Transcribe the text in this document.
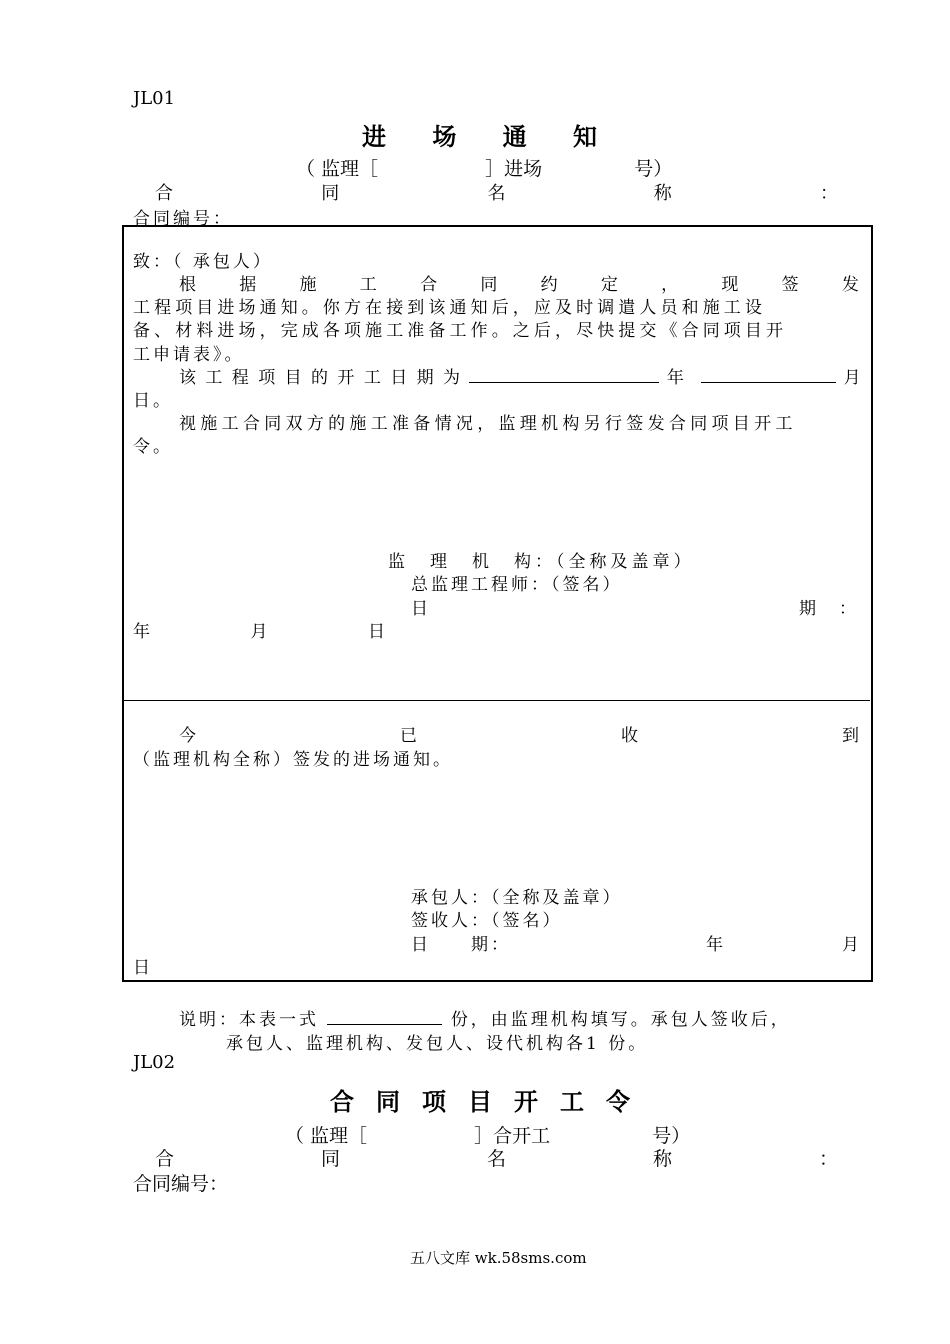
JL01
进 场 通 知
（ 监理［	］进场	号）
合	同	名	称	：
合同编号：
致：（ 承包人）
根	据	施	工	合	同	约	定	，	现	签	发
工程项目进场通知。你方在接到该通知后，应及时调遣人员和施工设
备、材料进场，完成各项施工准备工作。之后，尽快提交《合同项目开
工申请表》。
该 工 程 项 目 的 开 工 日 期 为	年	月
日。
视施工合同双方的施工准备情况，监理机构另行签发合同项目开工
令。
监　理　机　构：（全称及盖章）
总监理工程师：（签名）
日	期　：
年	月	日
今	已	收	到
（监理机构全称）签发的进场通知。
承包人：（全称及盖章）
签收人：（签名）
日　　期：	年	月
日
说明：本表一式	份，由监理机构填写。承包人签收后，
承包人、监理机构、发包人、设代机构各1 份。
JL02
合 同 项 目 开 工 令
（ 监理［	］合开工	号）
合	同	名	称	：
合同编号：
五八文库 wk.58sms.com
